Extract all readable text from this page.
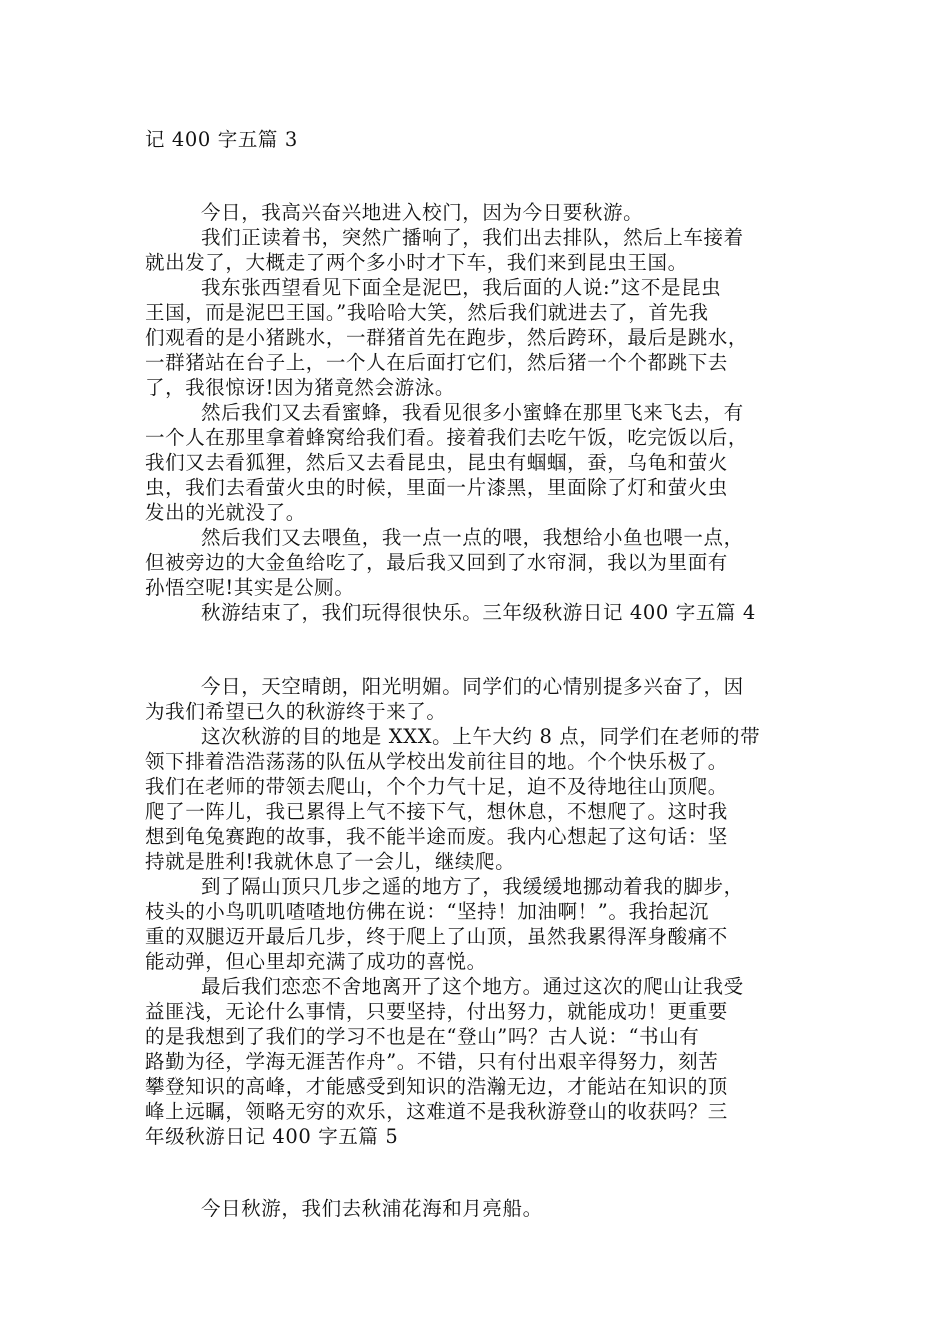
记 400 字五篇 3
今日，我高兴奋兴地进入校门，因为今日要秋游。
我们正读着书，突然广播响了，我们出去排队，然后上车接着
就出发了，大概走了两个多小时才下车，我们来到昆虫王国。
我东张西望看见下面全是泥巴，我后面的人说:”这不是昆虫
王国，而是泥巴王国。”我哈哈大笑，然后我们就进去了，首先我
们观看的是小猪跳水，一群猪首先在跑步，然后跨环，最后是跳水，
一群猪站在台子上，一个人在后面打它们，然后猪一个个都跳下去
了，我很惊讶!因为猪竟然会游泳。
然后我们又去看蜜蜂，我看见很多小蜜蜂在那里飞来飞去，有
一个人在那里拿着蜂窝给我们看。接着我们去吃午饭，吃完饭以后，
我们又去看狐狸，然后又去看昆虫，昆虫有蝈蝈，蚕，乌龟和萤火
虫，我们去看萤火虫的时候，里面一片漆黑，里面除了灯和萤火虫
发出的光就没了。
然后我们又去喂鱼，我一点一点的喂，我想给小鱼也喂一点，
但被旁边的大金鱼给吃了，最后我又回到了水帘洞，我以为里面有
孙悟空呢!其实是公厕。
秋游结束了，我们玩得很快乐。三年级秋游日记 400 字五篇 4
今日，天空晴朗，阳光明媚。同学们的心情别提多兴奋了，因
为我们希望已久的秋游终于来了。
这次秋游的目的地是 XXX。上午大约 8 点，同学们在老师的带
领下排着浩浩荡荡的队伍从学校出发前往目的地。个个快乐极了。
我们在老师的带领去爬山，个个力气十足，迫不及待地往山顶爬。
爬了一阵儿，我已累得上气不接下气，想休息，不想爬了。这时我
想到龟兔赛跑的故事，我不能半途而废。我内心想起了这句话：坚
持就是胜利!我就休息了一会儿，继续爬。
到了隔山顶只几步之遥的地方了，我缓缓地挪动着我的脚步，
枝头的小鸟叽叽喳喳地仿佛在说：“坚持！加油啊！”。我抬起沉
重的双腿迈开最后几步，终于爬上了山顶，虽然我累得浑身酸痛不
能动弹，但心里却充满了成功的喜悦。
最后我们恋恋不舍地离开了这个地方。通过这次的爬山让我受
益匪浅，无论什么事情，只要坚持，付出努力，就能成功！更重要
的是我想到了我们的学习不也是在“登山”吗？古人说：“书山有
路勤为径，学海无涯苦作舟”。不错，只有付出艰辛得努力，刻苦
攀登知识的高峰，才能感受到知识的浩瀚无边，才能站在知识的顶
峰上远瞩，领略无穷的欢乐，这难道不是我秋游登山的收获吗？三
年级秋游日记 400 字五篇 5
今日秋游，我们去秋浦花海和月亮船。
